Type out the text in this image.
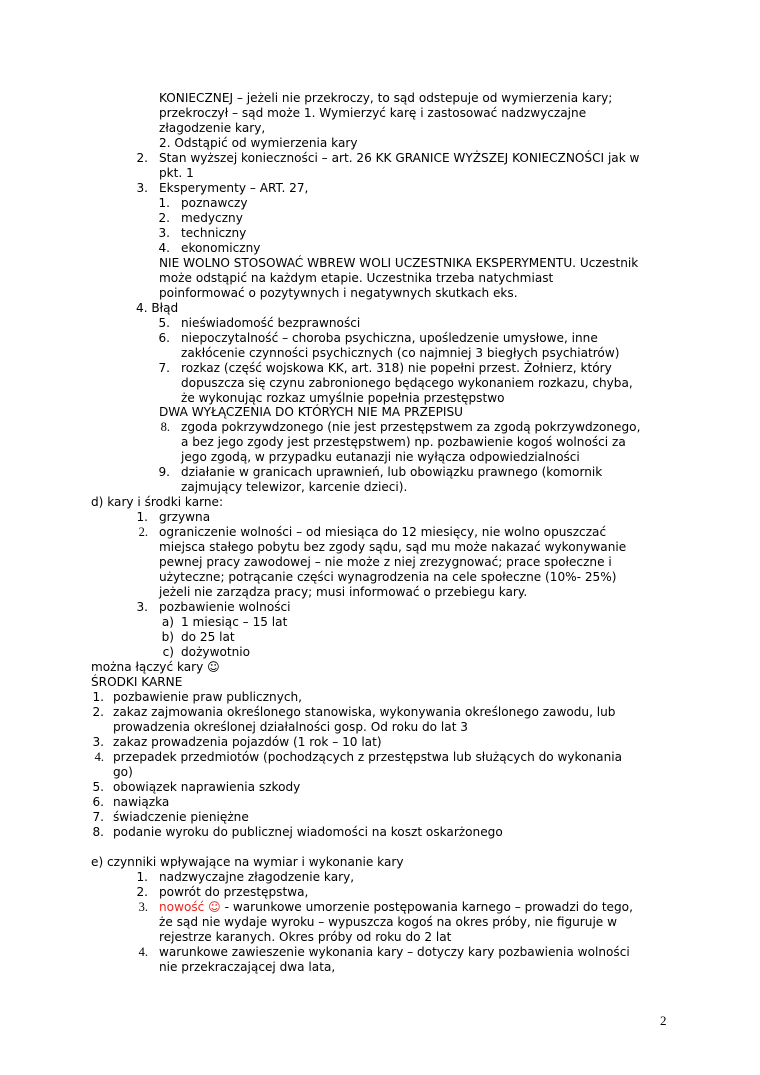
KONIECZNEJ – jeżeli nie przekroczy, to sąd odstepuje od wymierzenia kary;
przekroczył – sąd może 1. Wymierzyć karę i zastosować nadzwyczajne
złagodzenie kary,
2. Odstąpić od wymierzenia kary
2. Stan wyższej konieczności – art. 26 KK GRANICE WYŻSZEJ KONIECZNOŚCI jak w
pkt. 1
3. Eksperymenty – ART. 27,
1. poznawczy
2. medyczny
3. techniczny
4. ekonomiczny
NIE WOLNO STOSOWAĆ WBREW WOLI UCZESTNIKA EKSPERYMENTU. Uczestnik
może odstąpić na każdym etapie. Uczestnika trzeba natychmiast
poinformować o pozytywnych i negatywnych skutkach eks.
4. Błąd
5. nieświadomość bezprawności
6. niepoczytalność – choroba psychiczna, upośledzenie umysłowe, inne
zakłócenie czynności psychicznych (co najmniej 3 biegłych psychiatrów)
7. rozkaz (część wojskowa KK, art. 318) nie popełni przest. Żołnierz, który
dopuszcza się czynu zabronionego będącego wykonaniem rozkazu, chyba,
że wykonując rozkaz umyślnie popełnia przestępstwo
DWA WYŁĄCZENIA DO KTÓRYCH NIE MA PRZEPISU
8. zgoda pokrzywdzonego (nie jest przestępstwem za zgodą pokrzywdzonego,
a bez jego zgody jest przestępstwem) np. pozbawienie kogoś wolności za
jego zgodą, w przypadku eutanazji nie wyłącza odpowiedzialności
9. działanie w granicach uprawnień, lub obowiązku prawnego (komornik
zajmujący telewizor, karcenie dzieci).
d) kary i środki karne:
1. grzywna
2. ograniczenie wolności – od miesiąca do 12 miesięcy, nie wolno opuszczać
miejsca stałego pobytu bez zgody sądu, sąd mu może nakazać wykonywanie
pewnej pracy zawodowej – nie może z niej zrezygnować; prace społeczne i
użyteczne; potrącanie części wynagrodzenia na cele społeczne (10%- 25%)
jeżeli nie zarządza pracy; musi informować o przebiegu kary.
3. pozbawienie wolności
a) 1 miesiąc – 15 lat
b) do 25 lat
c) dożywotnio
można łączyć kary ☺
ŚRODKI KARNE
1. pozbawienie praw publicznych,
2. zakaz zajmowania określonego stanowiska, wykonywania określonego zawodu, lub
prowadzenia określonej działalności gosp. Od roku do lat 3
3. zakaz prowadzenia pojazdów (1 rok – 10 lat)
4. przepadek przedmiotów (pochodzących z przestępstwa lub służących do wykonania
go)
5. obowiązek naprawienia szkody
6. nawiązka
7. świadczenie pieniężne
8. podanie wyroku do publicznej wiadomości na koszt oskarżonego
e) czynniki wpływające na wymiar i wykonanie kary
1. nadzwyczajne złagodzenie kary,
2. powrót do przestępstwa,
3. nowość ☺ - warunkowe umorzenie postępowania karnego – prowadzi do tego,
że sąd nie wydaje wyroku – wypuszcza kogoś na okres próby, nie figuruje w
rejestrze karanych. Okres próby od roku do 2 lat
4. warunkowe zawieszenie wykonania kary – dotyczy kary pozbawienia wolności
nie przekraczającej dwa lata,
2
